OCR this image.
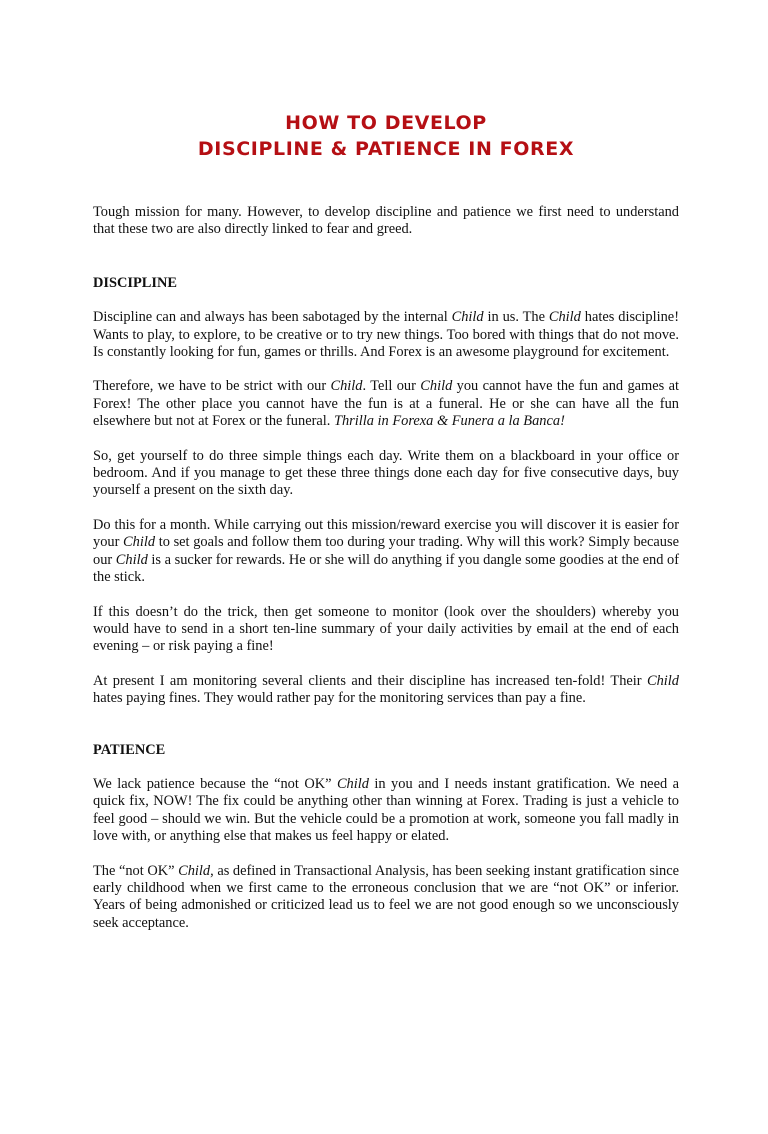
HOW TO DEVELOP
DISCIPLINE & PATIENCE IN FOREX

Tough mission for many. However, to develop discipline and patience we first need to understand that these two are also directly linked to fear and greed.

DISCIPLINE

Discipline can and always has been sabotaged by the internal Child in us. The Child hates discipline! Wants to play, to explore, to be creative or to try new things. Too bored with things that do not move. Is constantly looking for fun, games or thrills. And Forex is an awesome playground for excitement.

Therefore, we have to be strict with our Child. Tell our Child you cannot have the fun and games at Forex! The other place you cannot have the fun is at a funeral. He or she can have all the fun elsewhere but not at Forex or the funeral. Thrilla in Forexa & Funera a la Banca!

So, get yourself to do three simple things each day. Write them on a blackboard in your office or bedroom. And if you manage to get these three things done each day for five consecutive days, buy yourself a present on the sixth day.

Do this for a month. While carrying out this mission/reward exercise you will discover it is easier for your Child to set goals and follow them too during your trading. Why will this work? Simply because our Child is a sucker for rewards. He or she will do anything if you dangle some goodies at the end of the stick.

If this doesn’t do the trick, then get someone to monitor (look over the shoulders) whereby you would have to send in a short ten-line summary of your daily activities by email at the end of each evening – or risk paying a fine!

At present I am monitoring several clients and their discipline has increased ten-fold! Their Child hates paying fines. They would rather pay for the monitoring services than pay a fine.

PATIENCE

We lack patience because the “not OK” Child in you and I needs instant gratification. We need a quick fix, NOW! The fix could be anything other than winning at Forex. Trading is just a vehicle to feel good – should we win. But the vehicle could be a promotion at work, someone you fall madly in love with, or anything else that makes us feel happy or elated.

The “not OK” Child, as defined in Transactional Analysis, has been seeking instant gratification since early childhood when we first came to the erroneous conclusion that we are “not OK” or inferior. Years of being admonished or criticized lead us to feel we are not good enough so we unconsciously seek acceptance.
